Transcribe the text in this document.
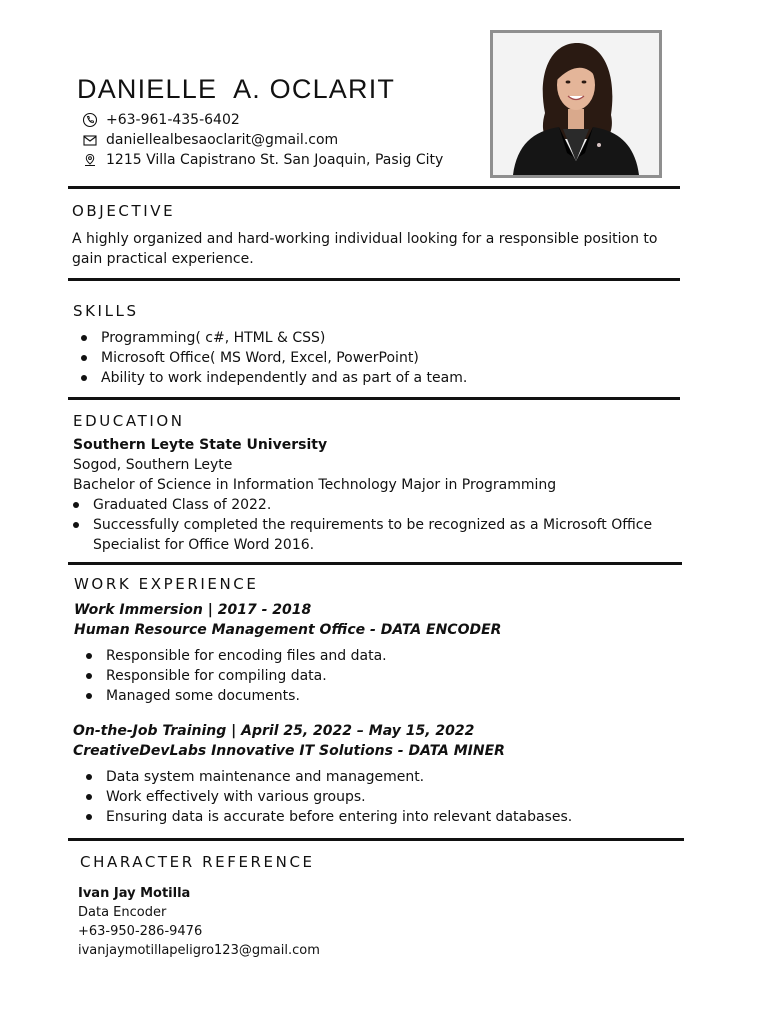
DANIELLE  A. OCLARIT
+63-961-435-6402
daniellealbesaoclarit@gmail.com
1215 Villa Capistrano St. San Joaquin, Pasig City
OBJECTIVE
A highly organized and hard-working individual looking for a responsible position to
gain practical experience.
SKILLS
Programming( c#, HTML & CSS)
Microsoft Office( MS Word, Excel, PowerPoint)
Ability to work independently and as part of a team.
EDUCATION
Southern Leyte State University
Sogod, Southern Leyte
Bachelor of Science in Information Technology Major in Programming
Graduated Class of 2022.
Successfully completed the requirements to be recognized as a Microsoft Office
Specialist for Office Word 2016.
WORK EXPERIENCE
Work Immersion | 2017 - 2018
Human Resource Management Office - DATA ENCODER
Responsible for encoding files and data.
Responsible for compiling data.
Managed some documents.
On-the-Job Training | April 25, 2022 – May 15, 2022
CreativeDevLabs Innovative IT Solutions - DATA MINER
Data system maintenance and management.
Work effectively with various groups.
Ensuring data is accurate before entering into relevant databases.
CHARACTER REFERENCE
Ivan Jay Motilla
Data Encoder
+63-950-286-9476
ivanjaymotillapeligro123@gmail.com
